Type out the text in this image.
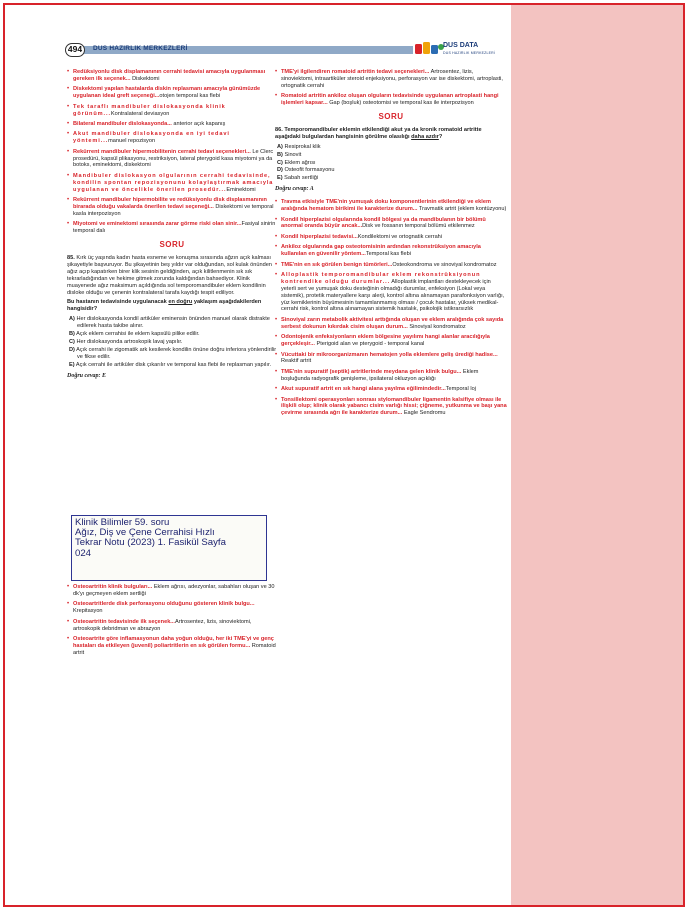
494	DUS HAZIRLIK MERKEZLERİ	DUS DATA
DUS HAZIRLIK MERKEZLERİ
• Redüksiyonlu disk displamanının cerrahi tedavisi amacıyla uygulanması gereken ilk seçenek... Diskektomi
• Diskektomi yapılan hastalarda diskin replasmanı amacıyla günümüzde uygulanan ideal greft seçeneği...otojen temporal kas flebi
• Tek taraflı mandibuler dislokasyonda klinik görünüm...Kontralateral deviasyon
• Bilateral mandibuler dislokasyonda... anterior açık kapanış
• Akut mandibuler dislokasyonda en iyi tedavi yöntemi...manuel repozisyon
• Rekürrent mandibuler hipermobilitenin cerrahi tedavi seçenekleri... Le Clerc prosedürü, kapsül plikasyonu, restriksiyon, lateral pterygoid kasa miyotomi ya da botoks, eminektomi, diskektomi
• Mandibuler dislokasyon olgularının cerrahi tedavisinde, kondilin spontan repozisyonunu kolaylaştırmak amacıyla uygulanan ve öncelikle önerilen prosedür...Eminektomi
• Rekürrent mandibuler hipermobilite ve redüksiyonlu disk displasmanının birarada olduğu vakalarda önerilen tedavi seçeneği... Diskektomi ve temporal kasla interpozisyon
• Miyotomi ve eminektomi sırasında zarar görme riski olan sinir...Fasiyal sinirin temporal dalı
SORU
85. Kırk üç yaşında kadın hasta esneme ve konuşma sırasında ağzın açık kalması şikayetiyle başvuruyor. Bu şikayetinin beş yıldır var olduğundan, sol kulak önünden ağız açıp kapatırken birer klik sesinin geldiğinden, açık kilitlenmenin sık sık tekrarladığından ve hekime gitmek zorunda kaldığından bahsediyor. Klinik muayenede ağız maksimum açıldığında sol temporomandibuler eklem kondilinin disloke olduğu ve çenenin kontralateral tarafa kaydığı tespit ediliyor.
Bu hastanın tedavisinde uygulanacak en doğru yaklaşım aşağıdakilerden hangisidir?
A) Her dislokasyonda kondil artiküler eminensin önünden manuel olarak distrakte edilerek hasta takibe alınır.
B) Açık eklem cerrahisi ile eklem kapsülü pilike edilir.
C) Her dislokasyonda artroskopik lavaj yapılır.
D) Açık cerrahi ile zigomatik ark kesilerek kondilin önüne doğru inferiora yönlendirilir ve fikse edilir.
E) Açık cerrahi ile artiküler disk çıkarılır ve temporal kas flebi ile replasman yapılır.
Doğru cevap: E
Klinik Bilimler 59. soru
Ağız, Diş ve Çene Cerrahisi Hızlı
Tekrar Notu (2023) 1. Fasikül Sayfa
024
• Osteoartritin klinik bulguları... Eklem ağrısı, adezyonlar, sabahları oluşan ve 30 dk'yı geçmeyen eklem sertliği
• Osteoartritlerde disk perforasyonu olduğunu gösteren klinik bulgu... Krepitasyon
• Osteoartritin tedavisinde ilk seçenek...Artrosentez, lizis, sinoviektomi, artroskopik debridman ve abrazyon
• Osteoartrite göre inflamasyonun daha yoğun olduğu, her iki TME'yi ve genç hastaları da etkileyen (juvenil) poliartritlerin en sık görülen formu... Romatoid artrit
• TME'yi ilgilendiren romatoid artritin tedavi seçenekleri... Artrosentez, lizis, sinoviektomi, intraartiküler steroid enjeksiyonu, perforasyon var ise diskektomi, artroplasti, ortognatik cerrahi
• Romatoid artritin ankiloz oluşan olguların tedavisinde uygulanan artroplasti hangi işlemleri kapsar... Gap (boşluk) osteotomisi ve temporal kas ile interpozisyon
SORU
86. Temporomandibuler eklemin etkilendiği akut ya da kronik romatoid artritte aşağıdaki bulgulardan hangisinin görülme olasılığı daha azdır?
A) Resiprokal klik
B) Sinovit
C) Eklem ağrısı
D) Osteofit formasyonu
E) Sabah sertliği
Doğru cevap: A
• Travma etkisiyle TME'nin yumuşak doku komponentlerinin etkilendiği ve eklem aralığında hematom birikimi ile karakterize durum... Travmatik artrit (eklem kontüzyonu)
• Kondil hiperplazisi olgularında kondil bölgesi ya da mandibulanın bir bölümü anormal oranda büyür ancak...Disk ve fossanın temporal bölümü etkilenmez
• Kondil hiperplazisi tedavisi...Kondilektomi ve ortognatik cerrahi
• Ankiloz olgularında gap osteotomisinin ardından rekonstrüksiyon amacıyla kullanılan en güvenilir yöntem...Temporal kas flebi
• TME'nin en sık görülen benign tümörleri...Osteokondroma ve sinoviyal kondromatoz
• Alloplastik temporomandibular eklem rekonstrüksiyonun kontrendike olduğu durumlar... Alloplastik implantları destekleyecek için yeterli sert ve yumuşak doku desteğinin olmadığı durumlar, enfeksiyon (Lokal veya sistemik), protetik materyallere karşı alerji, kontrol altına alınamayan parafonksiyon varlığı, yüz kemiklerinin büyümesinin tamamlanmamış olması / çocuk hastalar, yüksek medikal-cerrahi risk, kontrol altına alınamayan sistemik hastalık, psikolojik istikrarsızlık
• Sinoviyal zarın metabolik aktivitesi arttığında oluşan ve eklem aralığında çok sayıda serbest dokunun kıkırdak cisim oluşan durum... Sinoviyal kondromatoz
• Odontojenik enfeksiyonların eklem bölgesine yayılımı hangi alanlar aracılığıyla gerçekleşir... Pterigoid alan ve pterygoid - temporal kanal
• Vücuttaki bir mikroorganizmanın hematojen yolla eklemlere geliş ürediği hadise... Reaktif artrit
• TME'nin supuratif (septik) artritlerinde meydana gelen klinik bulgu... Eklem boşluğunda radyografik genişleme, ipsilateral okluzyon açıklığı
• Akut supuratif artrit en sık hangi alana yayılma eğilimindedir...Temporal loj
• Tonsillektomi operasyonları sonrası stylomandibuler ligamentin kalsifiye olması ile ilişkili olup; klinik olarak yabancı cisim varlığı hissi; çiğneme, yutkunma ve başı yana çevirme sırasında ağrı ile karakterize durum... Eagle Sendromu
